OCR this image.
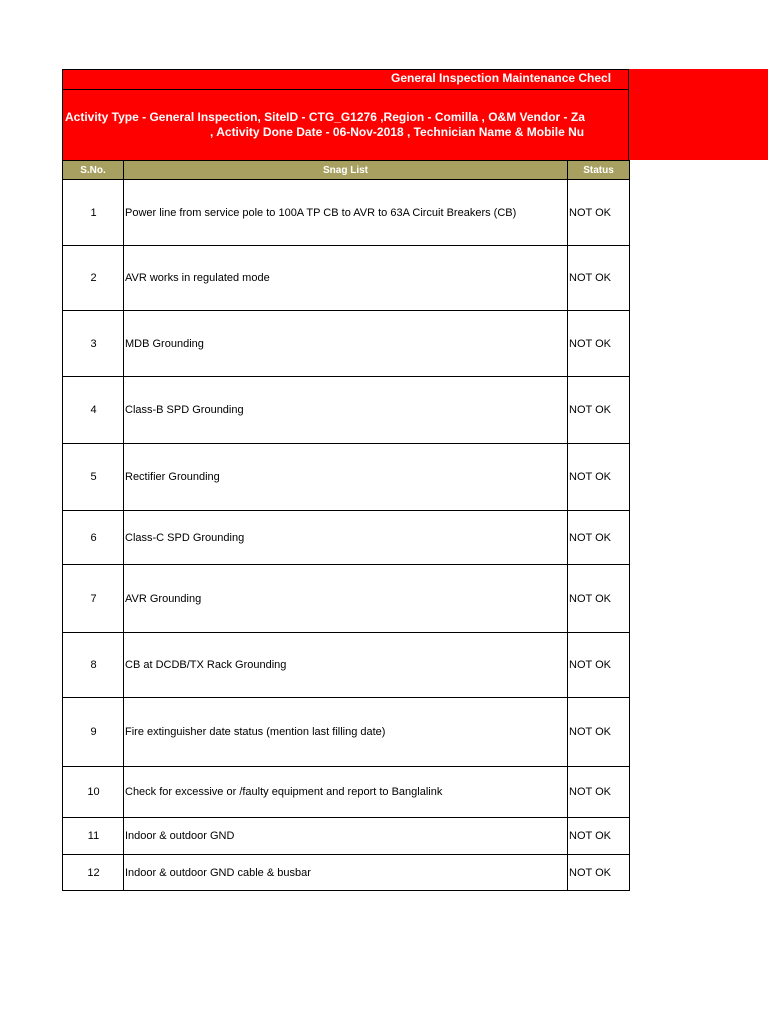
General Inspection Maintenance Checl
Activity Type - General Inspection, SiteID - CTG_G1276 ,Region - Comilla , O&M Vendor - Za
, Activity Done Date - 06-Nov-2018 , Technician Name & Mobile Nu
S.No.	Snag List	Status
1	Power line from service pole to 100A TP CB to AVR to 63A Circuit Breakers (CB)	NOT OK
2	AVR works in regulated mode	NOT OK
3	MDB Grounding	NOT OK
4	Class-B SPD Grounding	NOT OK
5	Rectifier Grounding	NOT OK
6	Class-C SPD Grounding	NOT OK
7	AVR Grounding	NOT OK
8	CB at DCDB/TX Rack Grounding	NOT OK
9	Fire extinguisher date status (mention last filling date)	NOT OK
10	Check for excessive or /faulty equipment and report to Banglalink	NOT OK
11	Indoor & outdoor GND	NOT OK
12	Indoor & outdoor GND cable & busbar	NOT OK
